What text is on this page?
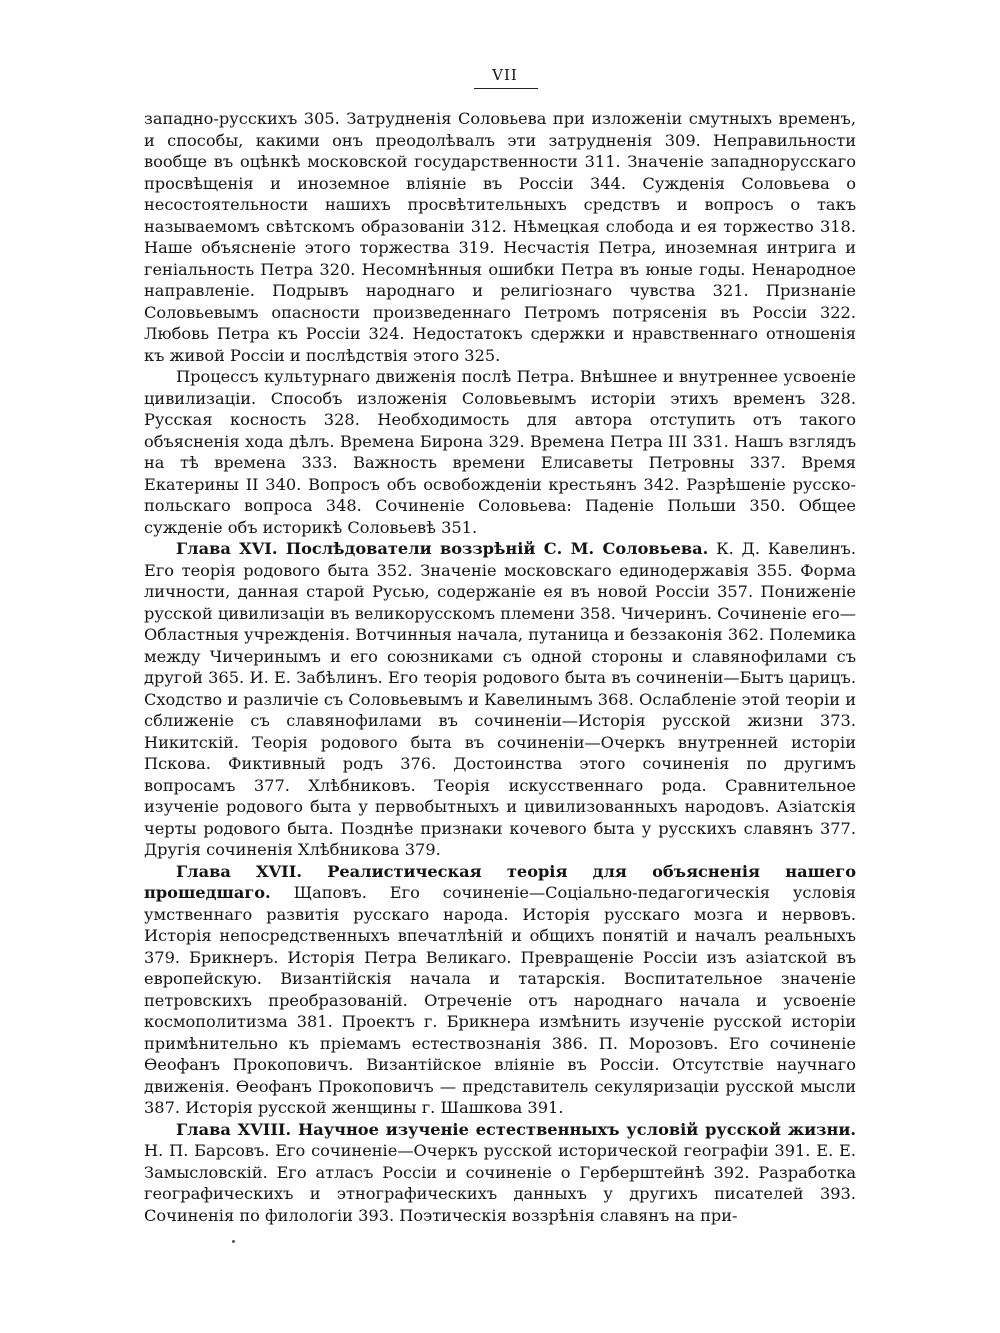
VII

западно-русскихъ 305. Затрудненія Соловьева при изложеніи смутныхъ временъ, и способы, какими онъ преодолѣвалъ эти затрудненія 309. Неправильности вообще въ оцѣнкѣ московской государственности 311. Значеніе западнорусскаго просвѣщенія и иноземное вліяніе въ Россіи 344. Сужденія Соловьева о несостоятельности нашихъ просвѣтительныхъ средствъ и вопросъ о такъ называемомъ свѣтскомъ образованіи 312. Нѣмецкая слобода и ея торжество 318. Наше объясненіе этого торжества 319. Несчастія Петра, иноземная интрига и геніальность Петра 320. Несомнѣнныя ошибки Петра въ юные годы. Ненародное направленіе. Подрывъ народнаго и религіознаго чувства 321. Признаніе Соловьевымъ опасности произведеннаго Петромъ потрясенія въ Россіи 322. Любовь Петра къ Россіи 324. Недостатокъ сдержки и нравственнаго отношенія къ живой Россіи и послѣдствія этого 325.

Процессъ культурнаго движенія послѣ Петра. Внѣшнее и внутреннее усвоеніе цивилизаціи. Способъ изложенія Соловьевымъ исторіи этихъ временъ 328. Русская косность 328. Необходимость для автора отступить отъ такого объясненія хода дѣлъ. Времена Бирона 329. Времена Петра III 331. Нашъ взглядъ на тѣ времена 333. Важность времени Елисаветы Петровны 337. Время Екатерины II 340. Вопросъ объ освобожденіи крестьянъ 342. Разрѣшеніе русско-польскаго вопроса 348. Сочиненіе Соловьева: Паденіе Польши 350. Общее сужденіе объ историкѣ Соловьевѣ 351.

Глава XVI. Послѣдователи воззрѣній С. М. Соловьева. К. Д. Кавелинъ. Его теорія родового быта 352. Значеніе московскаго единодержавія 355. Форма личности, данная старой Русью, содержаніе ея въ новой Россіи 357. Пониженіе русской цивилизаціи въ великорусскомъ племени 358. Чичеринъ. Сочиненіе его—Областныя учрежденія. Вотчинныя начала, путаница и беззаконія 362. Полемика между Чичеринымъ и его союзниками съ одной стороны и славянофилами съ другой 365. И. Е. Забѣлинъ. Его теорія родового быта въ сочиненіи—Бытъ царицъ. Сходство и различіе съ Соловьевымъ и Кавелинымъ 368. Ослабленіе этой теоріи и сближеніе съ славянофилами въ сочиненіи—Исторія русской жизни 373. Никитскій. Теорія родового быта въ сочиненіи—Очеркъ внутренней исторіи Пскова. Фиктивный родъ 376. Достоинства этого сочиненія по другимъ вопросамъ 377. Хлѣбниковъ. Теорія искусственнаго рода. Сравнительное изученіе родового быта у первобытныхъ и цивилизованныхъ народовъ. Азіатскія черты родового быта. Позднѣе признаки кочевого быта у русскихъ славянъ 377. Другія сочиненія Хлѣбникова 379.

Глава XVII. Реалистическая теорія для объясненія нашего прошедшаго. Щаповъ. Его сочиненіе—Соціально-педагогическія условія умственнаго развитія русскаго народа. Исторія русскаго мозга и нервовъ. Исторія непосредственныхъ впечатлѣній и общихъ понятій и началъ реальныхъ 379. Брикнеръ. Исторія Петра Великаго. Превращеніе Россіи изъ азіатской въ европейскую. Византійскія начала и татарскія. Воспитательное значеніе петровскихъ преобразованій. Отреченіе отъ народнаго начала и усвоеніе космополитизма 381. Проектъ г. Брикнера измѣнить изученіе русской исторіи примѣнительно къ пріемамъ естествознанія 386. П. Морозовъ. Его сочиненіе Ѳеофанъ Прокоповичъ. Византійское вліяніе въ Россіи. Отсутствіе научнаго движенія. Ѳеофанъ Прокоповичъ — представитель секуляризаціи русской мысли 387. Исторія русской женщины г. Шашкова 391.

Глава XVIII. Научное изученіе естественныхъ условій русской жизни. Н. П. Барсовъ. Его сочиненіе—Очеркъ русской исторической географіи 391. Е. Е. Замысловскій. Его атласъ Россіи и сочиненіе о Герберштейнѣ 392. Разработка географическихъ и этнографическихъ данныхъ у другихъ писателей 393. Сочиненія по филологіи 393. Поэтическія воззрѣнія славянъ на при-
